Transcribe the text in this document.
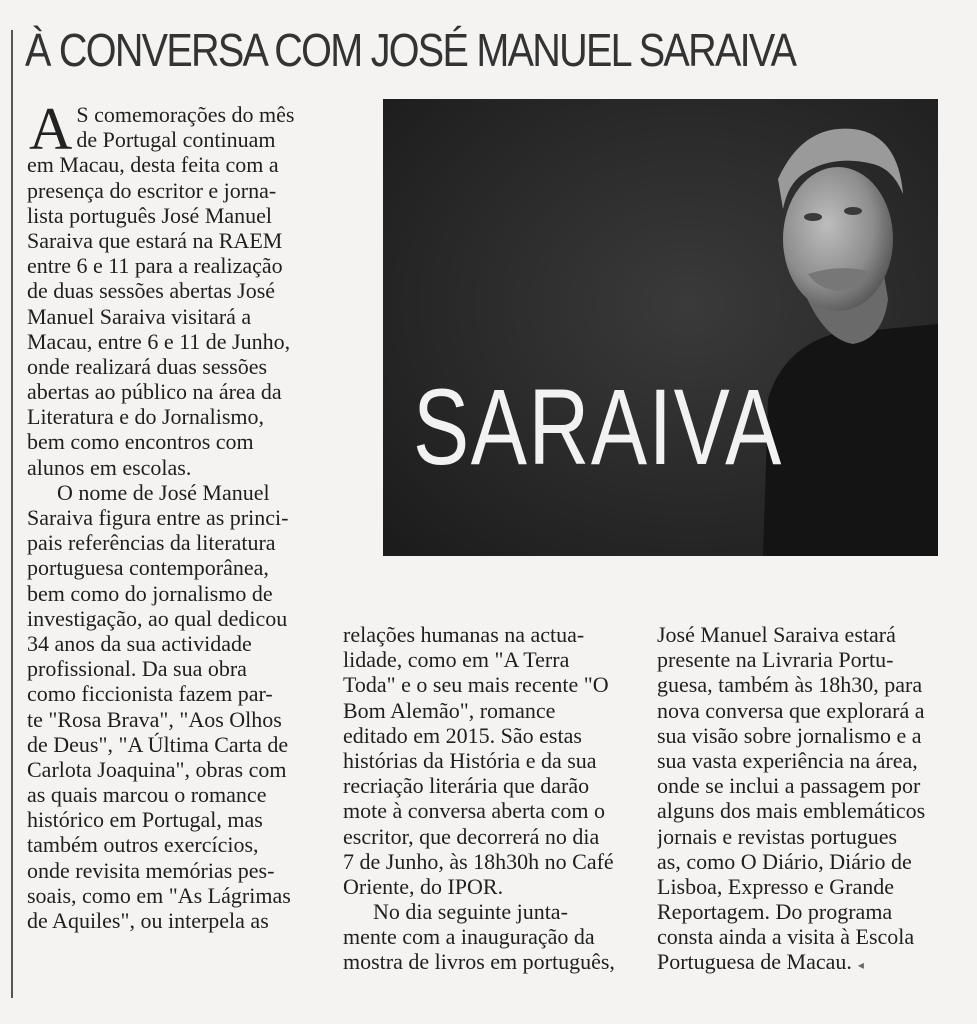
À CONVERSA COM JOSÉ MANUEL SARAIVA
SARAIVA
A S comemorações do mês
de Portugal continuam
em Macau, desta feita com a
presença do escritor e jorna-
lista português José Manuel
Saraiva que estará na RAEM
entre 6 e 11 para a realização
de duas sessões abertas José
Manuel Saraiva visitará a
Macau, entre 6 e 11 de Junho,
onde realizará duas sessões
abertas ao público na área da
Literatura e do Jornalismo,
bem como encontros com
alunos em escolas.
O nome de José Manuel
Saraiva figura entre as princi-
pais referências da literatura
portuguesa contemporânea,
bem como do jornalismo de
investigação, ao qual dedicou
34 anos da sua actividade
profissional. Da sua obra
como ficcionista fazem par-
te "Rosa Brava", "Aos Olhos
de Deus", "A Última Carta de
Carlota Joaquina", obras com
as quais marcou o romance
histórico em Portugal, mas
também outros exercícios,
onde revisita memórias pes-
soais, como em "As Lágrimas
de Aquiles", ou interpela as
relações humanas na actua-
lidade, como em "A Terra
Toda" e o seu mais recente "O
Bom Alemão", romance
editado em 2015. São estas
histórias da História e da sua
recriação literária que darão
mote à conversa aberta com o
escritor, que decorrerá no dia
7 de Junho, às 18h30h no Café
Oriente, do IPOR.
No dia seguinte junta-
mente com a inauguração da
mostra de livros em português,
José Manuel Saraiva estará
presente na Livraria Portu-
guesa, também às 18h30, para
nova conversa que explorará a
sua visão sobre jornalismo e a
sua vasta experiência na área,
onde se inclui a passagem por
alguns dos mais emblemáticos
jornais e revistas portugues
as, como O Diário, Diário de
Lisboa, Expresso e Grande
Reportagem. Do programa
consta ainda a visita à Escola
Portuguesa de Macau. ◂
